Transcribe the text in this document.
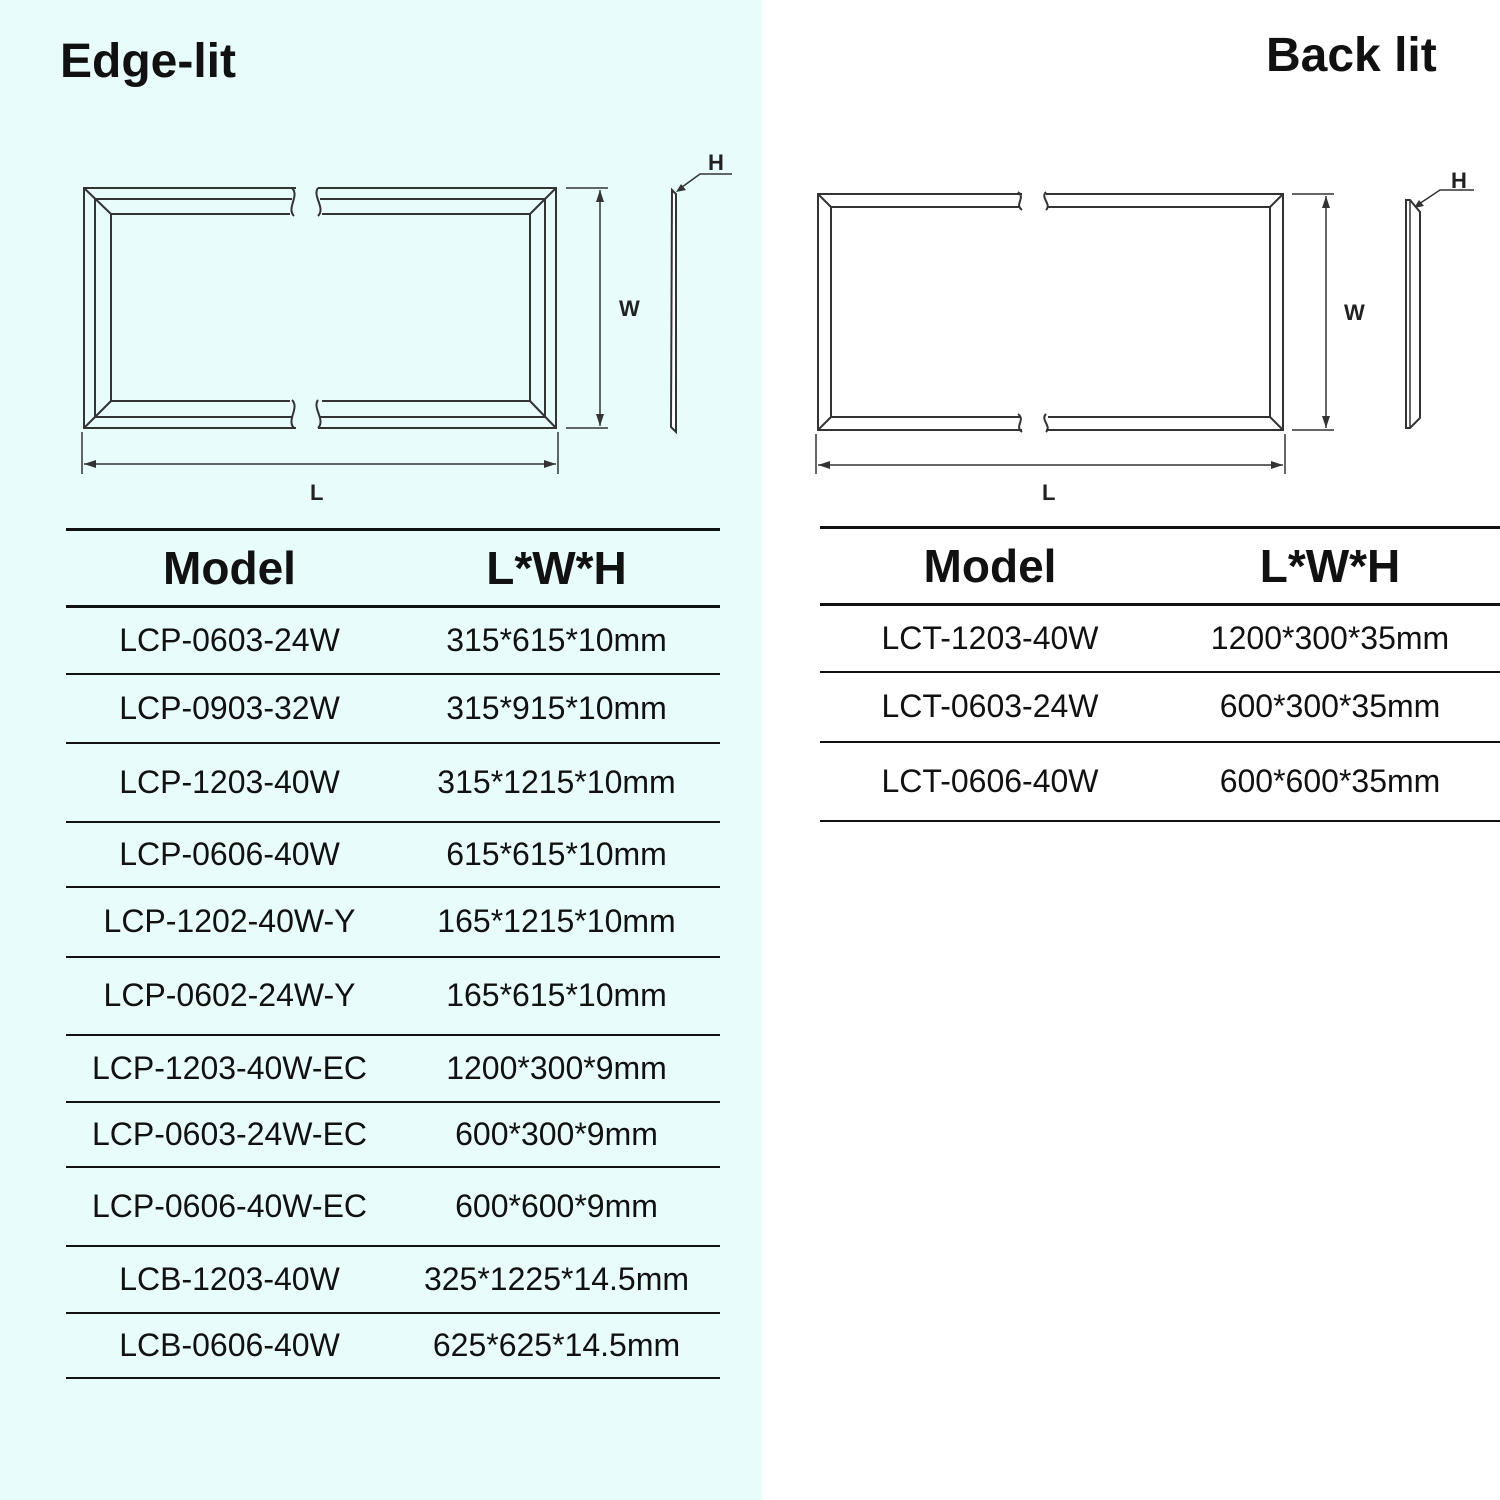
Edge-lit	Back lit
L
W
H
L
W
H
Model	L*W*H
LCP-0603-24W	315*615*10mm
LCP-0903-32W	315*915*10mm
LCP-1203-40W	315*1215*10mm
LCP-0606-40W	615*615*10mm
LCP-1202-40W-Y	165*1215*10mm
LCP-0602-24W-Y	165*615*10mm
LCP-1203-40W-EC	1200*300*9mm
LCP-0603-24W-EC	600*300*9mm
LCP-0606-40W-EC	600*600*9mm
LCB-1203-40W	325*1225*14.5mm
LCB-0606-40W	625*625*14.5mm
Model	L*W*H
LCT-1203-40W	1200*300*35mm
LCT-0603-24W	600*300*35mm
LCT-0606-40W	600*600*35mm
